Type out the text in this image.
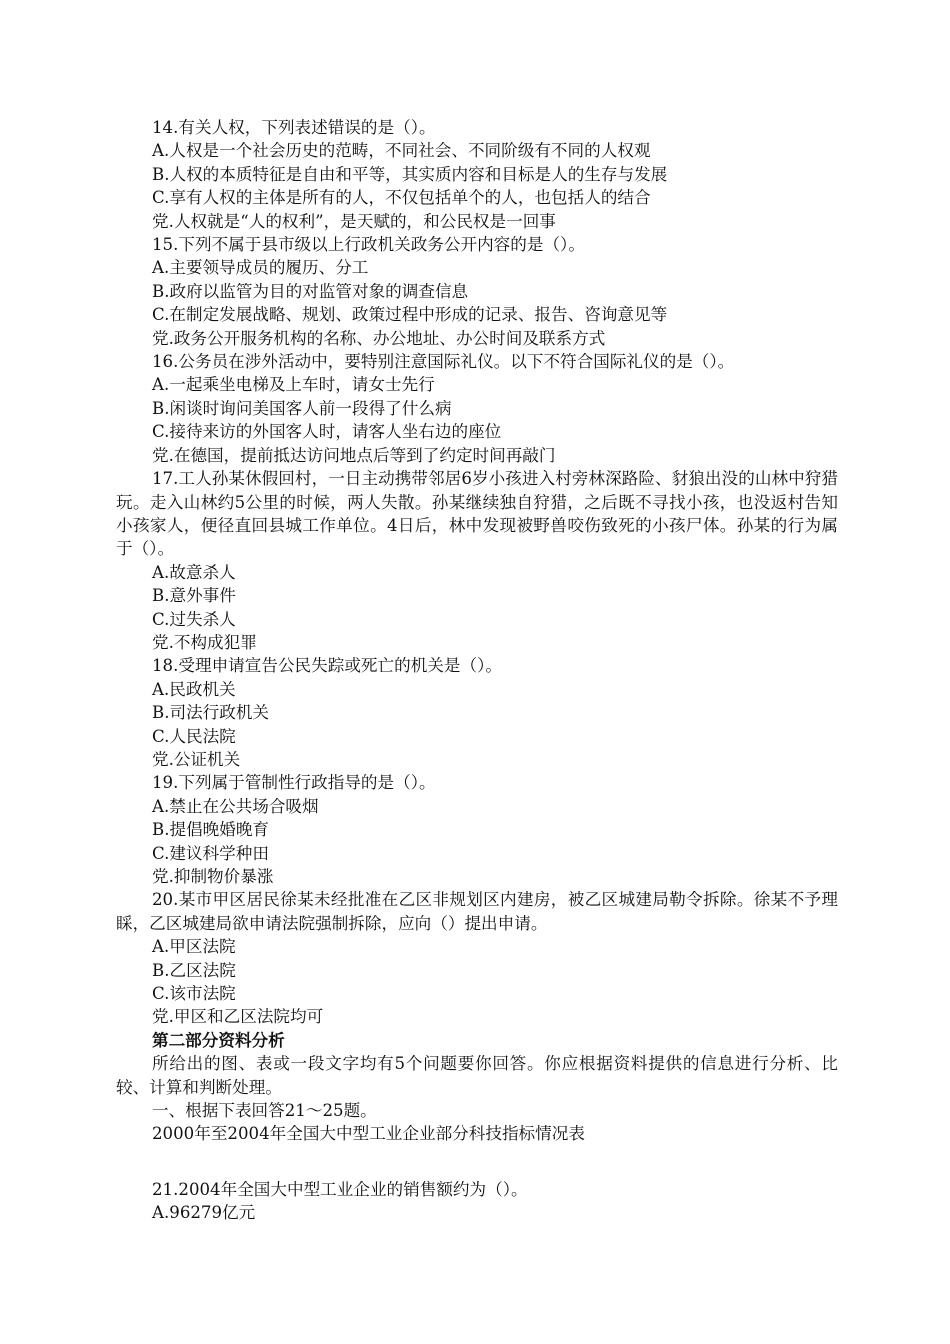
14.有关人权，下列表述错误的是（）。
A.人权是一个社会历史的范畴，不同社会、不同阶级有不同的人权观
B.人权的本质特征是自由和平等，其实质内容和目标是人的生存与发展
C.享有人权的主体是所有的人，不仅包括单个的人，也包括人的结合
党.人权就是“人的权利”，是天赋的，和公民权是一回事
15.下列不属于县市级以上行政机关政务公开内容的是（）。
A.主要领导成员的履历、分工
B.政府以监管为目的对监管对象的调查信息
C.在制定发展战略、规划、政策过程中形成的记录、报告、咨询意见等
党.政务公开服务机构的名称、办公地址、办公时间及联系方式
16.公务员在涉外活动中，要特别注意国际礼仪。以下不符合国际礼仪的是（）。
A.一起乘坐电梯及上车时，请女士先行
B.闲谈时询问美国客人前一段得了什么病
C.接待来访的外国客人时，请客人坐右边的座位
党.在德国，提前抵达访问地点后等到了约定时间再敲门
17.工人孙某休假回村，一日主动携带邻居6岁小孩进入村旁林深路险、豺狼出没的山林中狩猎玩。走入山林约5公里的时候，两人失散。孙某继续独自狩猎，之后既不寻找小孩，也没返村告知小孩家人，便径直回县城工作单位。4日后，林中发现被野兽咬伤致死的小孩尸体。孙某的行为属于（）。
A.故意杀人
B.意外事件
C.过失杀人
党.不构成犯罪
18.受理申请宣告公民失踪或死亡的机关是（）。
A.民政机关
B.司法行政机关
C.人民法院
党.公证机关
19.下列属于管制性行政指导的是（）。
A.禁止在公共场合吸烟
B.提倡晚婚晚育
C.建议科学种田
党.抑制物价暴涨
20.某市甲区居民徐某未经批准在乙区非规划区内建房，被乙区城建局勒令拆除。徐某不予理睬，乙区城建局欲申请法院强制拆除，应向（）提出申请。
A.甲区法院
B.乙区法院
C.该市法院
党.甲区和乙区法院均可
第二部分资料分析
所给出的图、表或一段文字均有5个问题要你回答。你应根据资料提供的信息进行分析、比较、计算和判断处理。
一、根据下表回答21～25题。
2000年至2004年全国大中型工业企业部分科技指标情况表
21.2004年全国大中型工业企业的销售额约为（）。
A.96279亿元
